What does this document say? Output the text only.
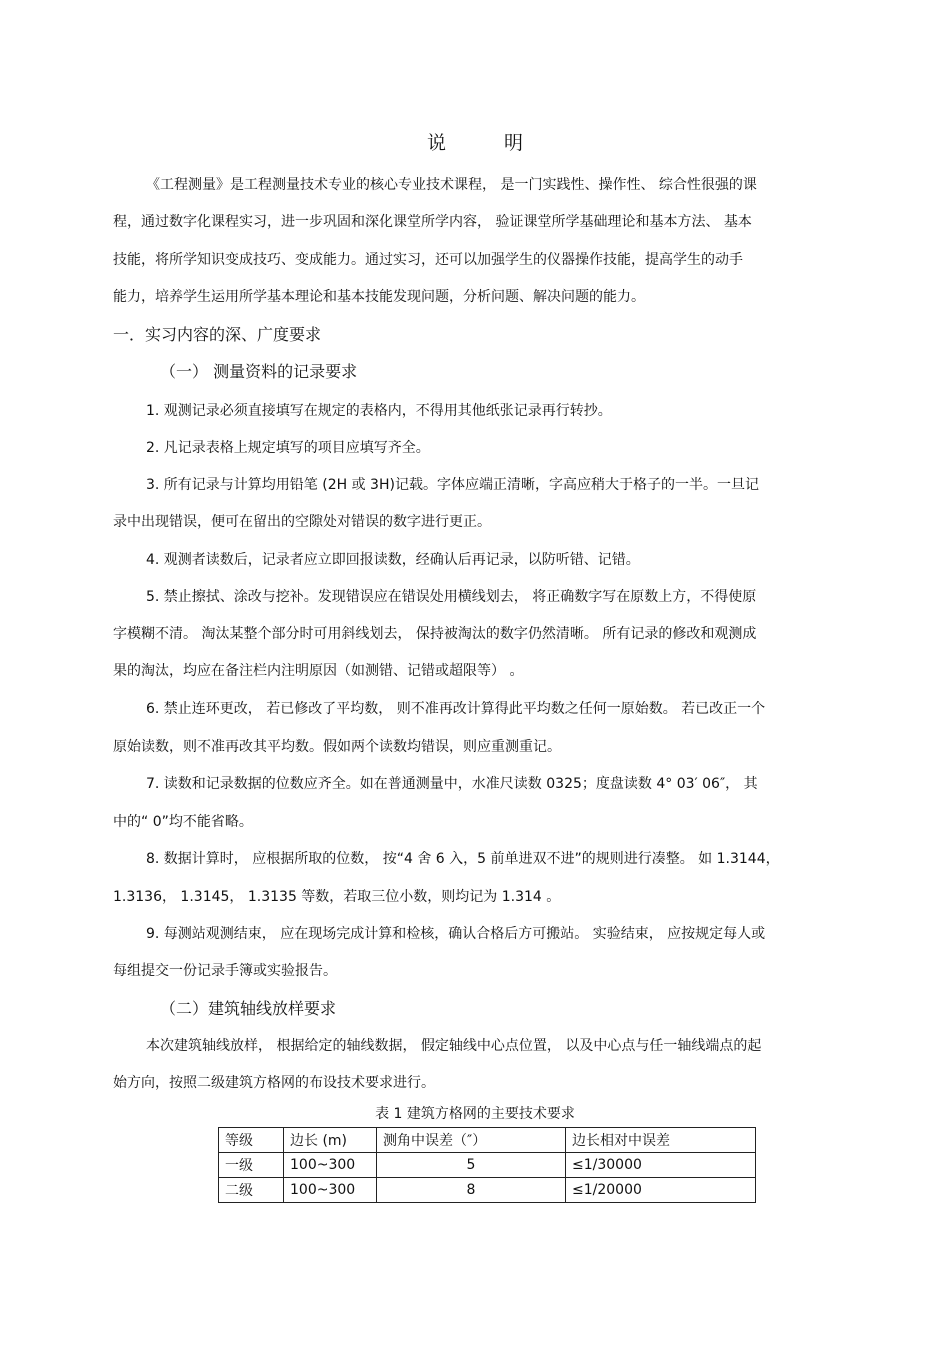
说	明
《工程测量》是工程测量技术专业的核心专业技术课程， 是一门实践性、操作性、 综合性很强的课
程，通过数字化课程实习，进一步巩固和深化课堂所学内容， 验证课堂所学基础理论和基本方法、 基本
技能，将所学知识变成技巧、变成能力。通过实习，还可以加强学生的仪器操作技能，提高学生的动手
能力，培养学生运用所学基本理论和基本技能发现问题，分析问题、解决问题的能力。
一．实习内容的深、广度要求
（一） 测量资料的记录要求
1. 观测记录必须直接填写在规定的表格内，不得用其他纸张记录再行转抄。
2. 凡记录表格上规定填写的项目应填写齐全。
3. 所有记录与计算均用铅笔 (2H 或 3H)记载。字体应端正清晰，字高应稍大于格子的一半。一旦记
录中出现错误，便可在留出的空隙处对错误的数字进行更正。
4. 观测者读数后，记录者应立即回报读数，经确认后再记录，以防听错、记错。
5. 禁止擦拭、涂改与挖补。发现错误应在错误处用横线划去， 将正确数字写在原数上方，不得使原
字模糊不清。 淘汰某整个部分时可用斜线划去， 保持被淘汰的数字仍然清晰。 所有记录的修改和观测成
果的淘汰，均应在备注栏内注明原因（如测错、记错或超限等） 。
6. 禁止连环更改， 若已修改了平均数， 则不准再改计算得此平均数之任何一原始数。 若已改正一个
原始读数，则不准再改其平均数。假如两个读数均错误，则应重测重记。
7. 读数和记录数据的位数应齐全。如在普通测量中，水准尺读数 0325；度盘读数 4° 03′ 06″， 其
中的“ 0”均不能省略。
8. 数据计算时， 应根据所取的位数， 按“4 舍 6 入，5 前单进双不进”的规则进行凑整。 如 1.3144，
1.3136， 1.3145， 1.3135 等数，若取三位小数，则均记为 1.314 。
9. 每测站观测结束， 应在现场完成计算和检核，确认合格后方可搬站。 实验结束， 应按规定每人或
每组提交一份记录手簿或实验报告。
（二）建筑轴线放样要求
本次建筑轴线放样， 根据给定的轴线数据， 假定轴线中心点位置， 以及中心点与任一轴线端点的起
始方向，按照二级建筑方格网的布设技术要求进行。
表 1 建筑方格网的主要技术要求
等级	边长 (m)	测角中误差（″）	边长相对中误差
一级	100~300	5	≤1/30000
二级	100~300	8	≤1/20000
